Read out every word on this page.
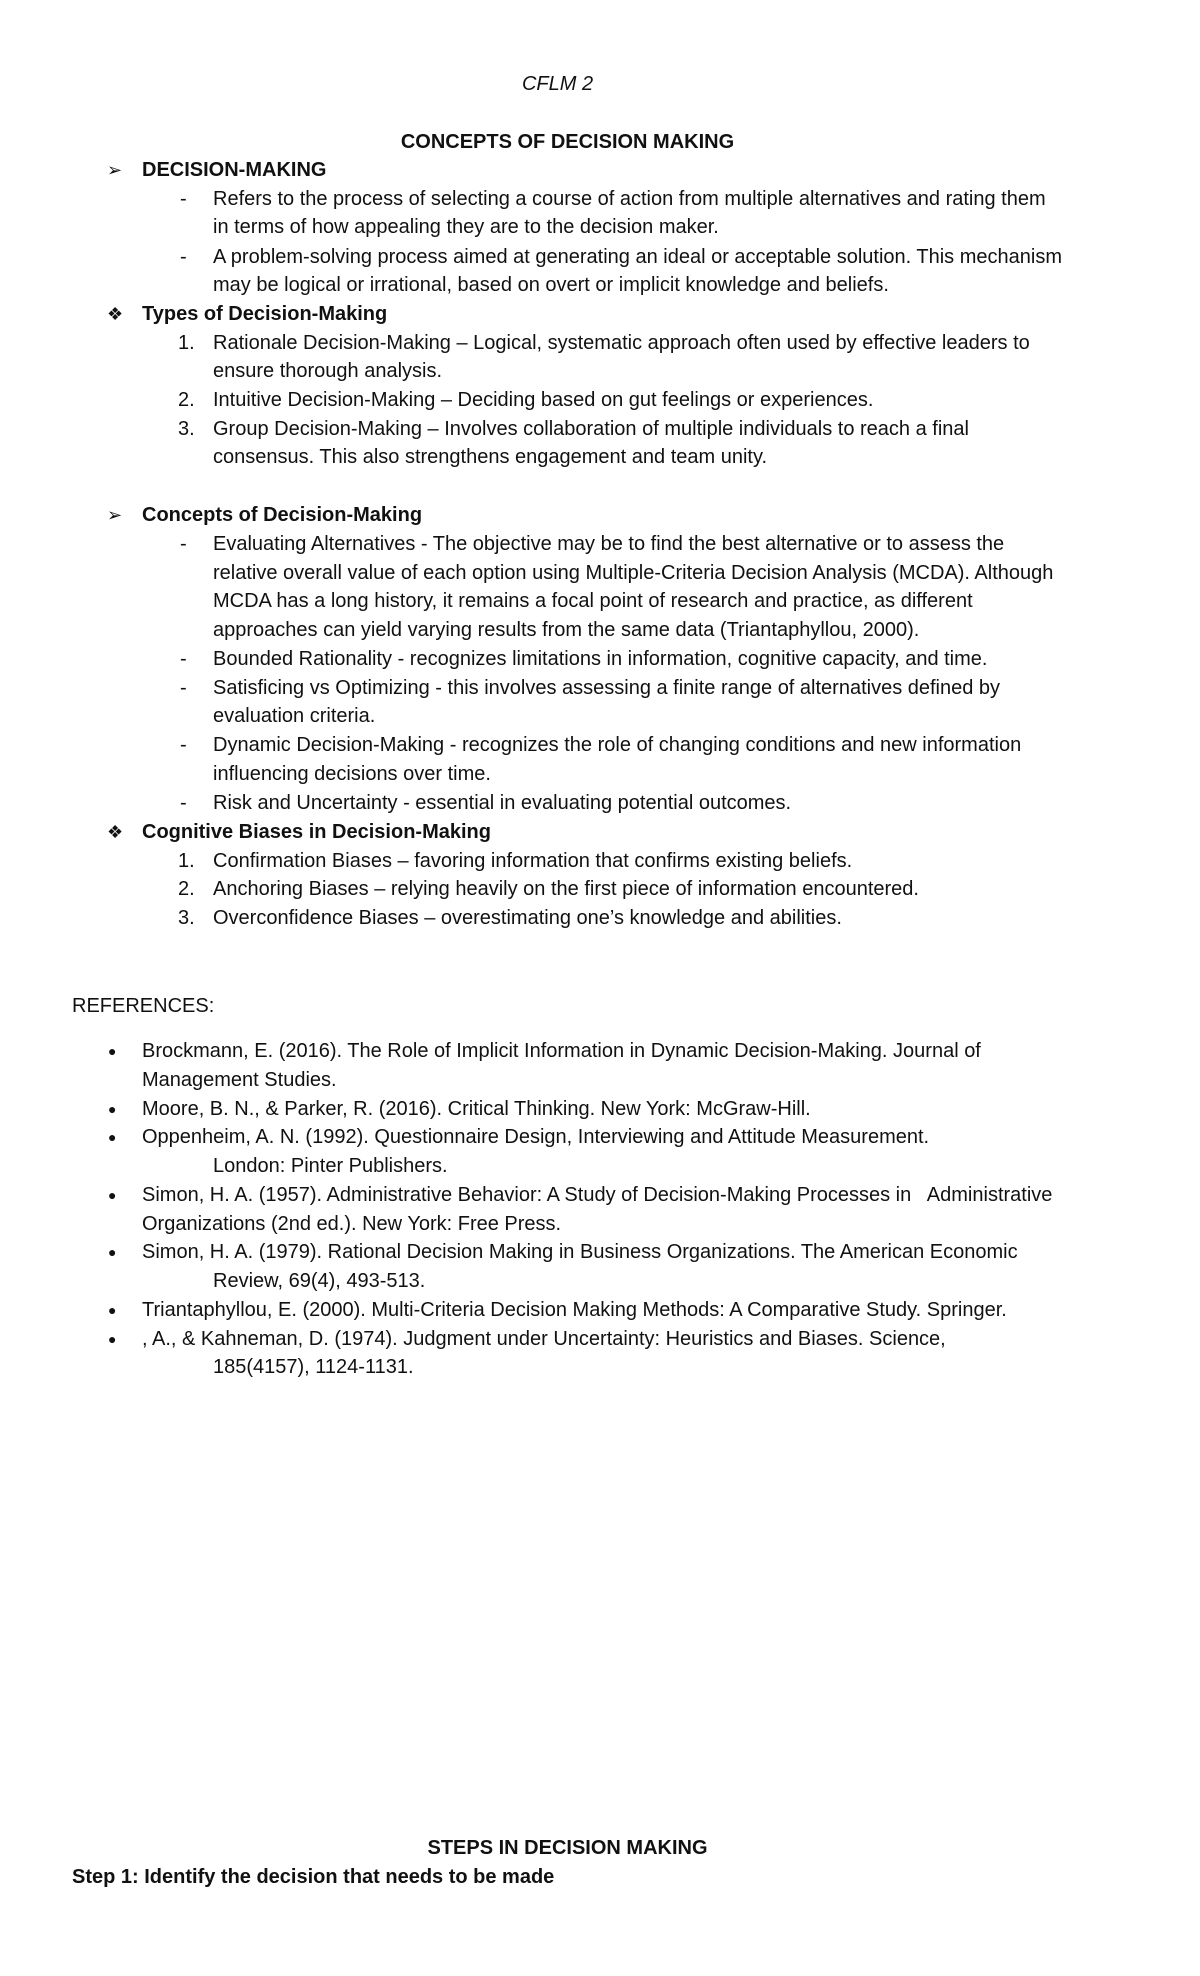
CFLM 2
CONCEPTS OF DECISION MAKING
➢ DECISION-MAKING
- Refers to the process of selecting a course of action from multiple alternatives and rating them
in terms of how appealing they are to the decision maker.
- A problem-solving process aimed at generating an ideal or acceptable solution. This mechanism
may be logical or irrational, based on overt or implicit knowledge and beliefs.
❖ Types of Decision-Making
1. Rationale Decision-Making – Logical, systematic approach often used by effective leaders to
ensure thorough analysis.
2. Intuitive Decision-Making – Deciding based on gut feelings or experiences.
3. Group Decision-Making – Involves collaboration of multiple individuals to reach a final
consensus. This also strengthens engagement and team unity.
➢ Concepts of Decision-Making
- Evaluating Alternatives - The objective may be to find the best alternative or to assess the
relative overall value of each option using Multiple-Criteria Decision Analysis (MCDA). Although
MCDA has a long history, it remains a focal point of research and practice, as different
approaches can yield varying results from the same data (Triantaphyllou, 2000).
- Bounded Rationality - recognizes limitations in information, cognitive capacity, and time.
- Satisficing vs Optimizing - this involves assessing a finite range of alternatives defined by
evaluation criteria.
- Dynamic Decision-Making - recognizes the role of changing conditions and new information
influencing decisions over time.
- Risk and Uncertainty - essential in evaluating potential outcomes.
❖ Cognitive Biases in Decision-Making
1. Confirmation Biases – favoring information that confirms existing beliefs.
2. Anchoring Biases – relying heavily on the first piece of information encountered.
3. Overconfidence Biases – overestimating one’s knowledge and abilities.
REFERENCES:
● Brockmann, E. (2016). The Role of Implicit Information in Dynamic Decision-Making. Journal of
Management Studies.
● Moore, B. N., & Parker, R. (2016). Critical Thinking. New York: McGraw-Hill.
● Oppenheim, A. N. (1992). Questionnaire Design, Interviewing and Attitude Measurement.
London: Pinter Publishers.
● Simon, H. A. (1957). Administrative Behavior: A Study of Decision-Making Processes in   Administrative
Organizations (2nd ed.). New York: Free Press.
● Simon, H. A. (1979). Rational Decision Making in Business Organizations. The American Economic
Review, 69(4), 493-513.
● Triantaphyllou, E. (2000). Multi-Criteria Decision Making Methods: A Comparative Study. Springer.
● , A., & Kahneman, D. (1974). Judgment under Uncertainty: Heuristics and Biases. Science,
185(4157), 1124-1131.
STEPS IN DECISION MAKING
Step 1: Identify the decision that needs to be made
